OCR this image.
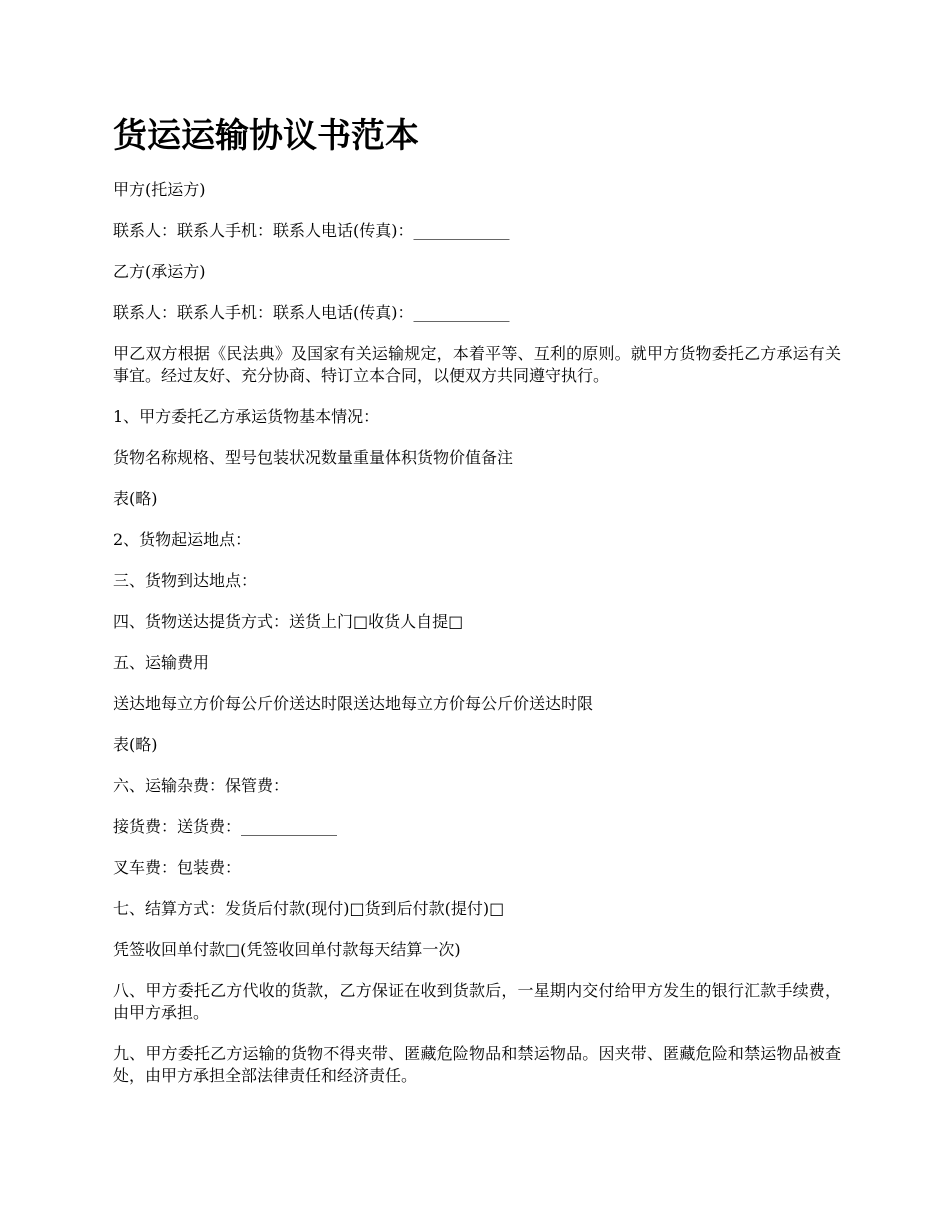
货运运输协议书范本

甲方(托运方)

联系人：联系人手机：联系人电话(传真)：____________

乙方(承运方)

联系人：联系人手机：联系人电话(传真)：____________

甲乙双方根据《民法典》及国家有关运输规定，本着平等、互利的原则。就甲方货物委托乙方承运有关事宜。经过友好、充分协商、特订立本合同，以便双方共同遵守执行。

1、甲方委托乙方承运货物基本情况：

货物名称规格、型号包装状况数量重量体积货物价值备注

表(略)

2、货物起运地点：

三、货物到达地点：

四、货物送达提货方式：送货上门□收货人自提□

五、运输费用

送达地每立方价每公斤价送达时限送达地每立方价每公斤价送达时限

表(略)

六、运输杂费：保管费：

接货费：送货费：____________

叉车费：包装费：

七、结算方式：发货后付款(现付)□货到后付款(提付)□

凭签收回单付款□(凭签收回单付款每天结算一次)

八、甲方委托乙方代收的货款，乙方保证在收到货款后，一星期内交付给甲方发生的银行汇款手续费，由甲方承担。

九、甲方委托乙方运输的货物不得夹带、匿藏危险物品和禁运物品。因夹带、匿藏危险和禁运物品被查处，由甲方承担全部法律责任和经济责任。
